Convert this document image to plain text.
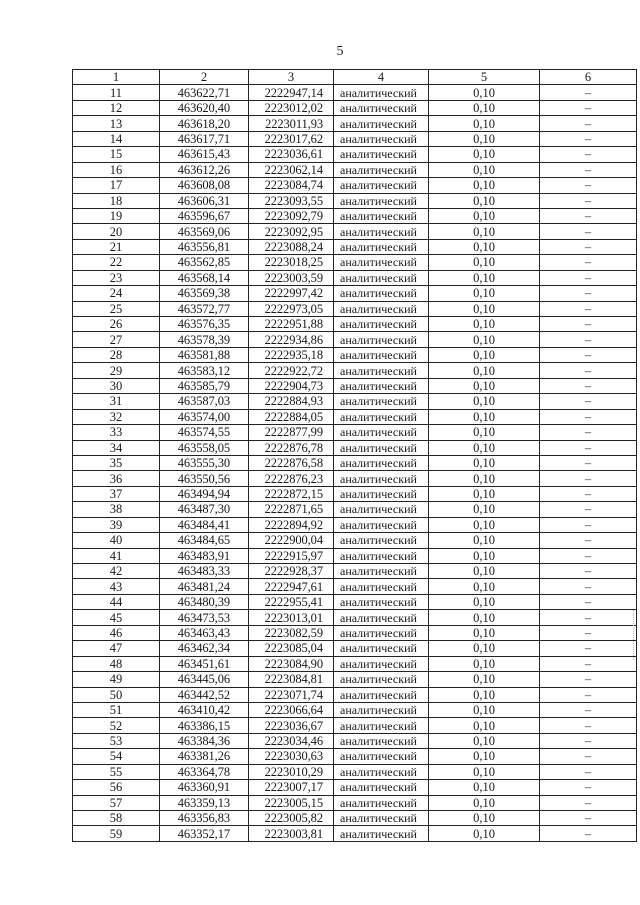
5
1	2	3	4	5	6
11	463622,71	2222947,14	аналитический	0,10	–
12	463620,40	2223012,02	аналитический	0,10	–
13	463618,20	2223011,93	аналитический	0,10	–
14	463617,71	2223017,62	аналитический	0,10	–
15	463615,43	2223036,61	аналитический	0,10	–
16	463612,26	2223062,14	аналитический	0,10	–
17	463608,08	2223084,74	аналитический	0,10	–
18	463606,31	2223093,55	аналитический	0,10	–
19	463596,67	2223092,79	аналитический	0,10	–
20	463569,06	2223092,95	аналитический	0,10	–
21	463556,81	2223088,24	аналитический	0,10	–
22	463562,85	2223018,25	аналитический	0,10	–
23	463568,14	2223003,59	аналитический	0,10	–
24	463569,38	2222997,42	аналитический	0,10	–
25	463572,77	2222973,05	аналитический	0,10	–
26	463576,35	2222951,88	аналитический	0,10	–
27	463578,39	2222934,86	аналитический	0,10	–
28	463581,88	2222935,18	аналитический	0,10	–
29	463583,12	2222922,72	аналитический	0,10	–
30	463585,79	2222904,73	аналитический	0,10	–
31	463587,03	2222884,93	аналитический	0,10	–
32	463574,00	2222884,05	аналитический	0,10	–
33	463574,55	2222877,99	аналитический	0,10	–
34	463558,05	2222876,78	аналитический	0,10	–
35	463555,30	2222876,58	аналитический	0,10	–
36	463550,56	2222876,23	аналитический	0,10	–
37	463494,94	2222872,15	аналитический	0,10	–
38	463487,30	2222871,65	аналитический	0,10	–
39	463484,41	2222894,92	аналитический	0,10	–
40	463484,65	2222900,04	аналитический	0,10	–
41	463483,91	2222915,97	аналитический	0,10	–
42	463483,33	2222928,37	аналитический	0,10	–
43	463481,24	2222947,61	аналитический	0,10	–
44	463480,39	2222955,41	аналитический	0,10	–
45	463473,53	2223013,01	аналитический	0,10	–
46	463463,43	2223082,59	аналитический	0,10	–
47	463462,34	2223085,04	аналитический	0,10	–
48	463451,61	2223084,90	аналитический	0,10	–
49	463445,06	2223084,81	аналитический	0,10	–
50	463442,52	2223071,74	аналитический	0,10	–
51	463410,42	2223066,64	аналитический	0,10	–
52	463386,15	2223036,67	аналитический	0,10	–
53	463384,36	2223034,46	аналитический	0,10	–
54	463381,26	2223030,63	аналитический	0,10	–
55	463364,78	2223010,29	аналитический	0,10	–
56	463360,91	2223007,17	аналитический	0,10	–
57	463359,13	2223005,15	аналитический	0,10	–
58	463356,83	2223005,82	аналитический	0,10	–
59	463352,17	2223003,81	аналитический	0,10	–
